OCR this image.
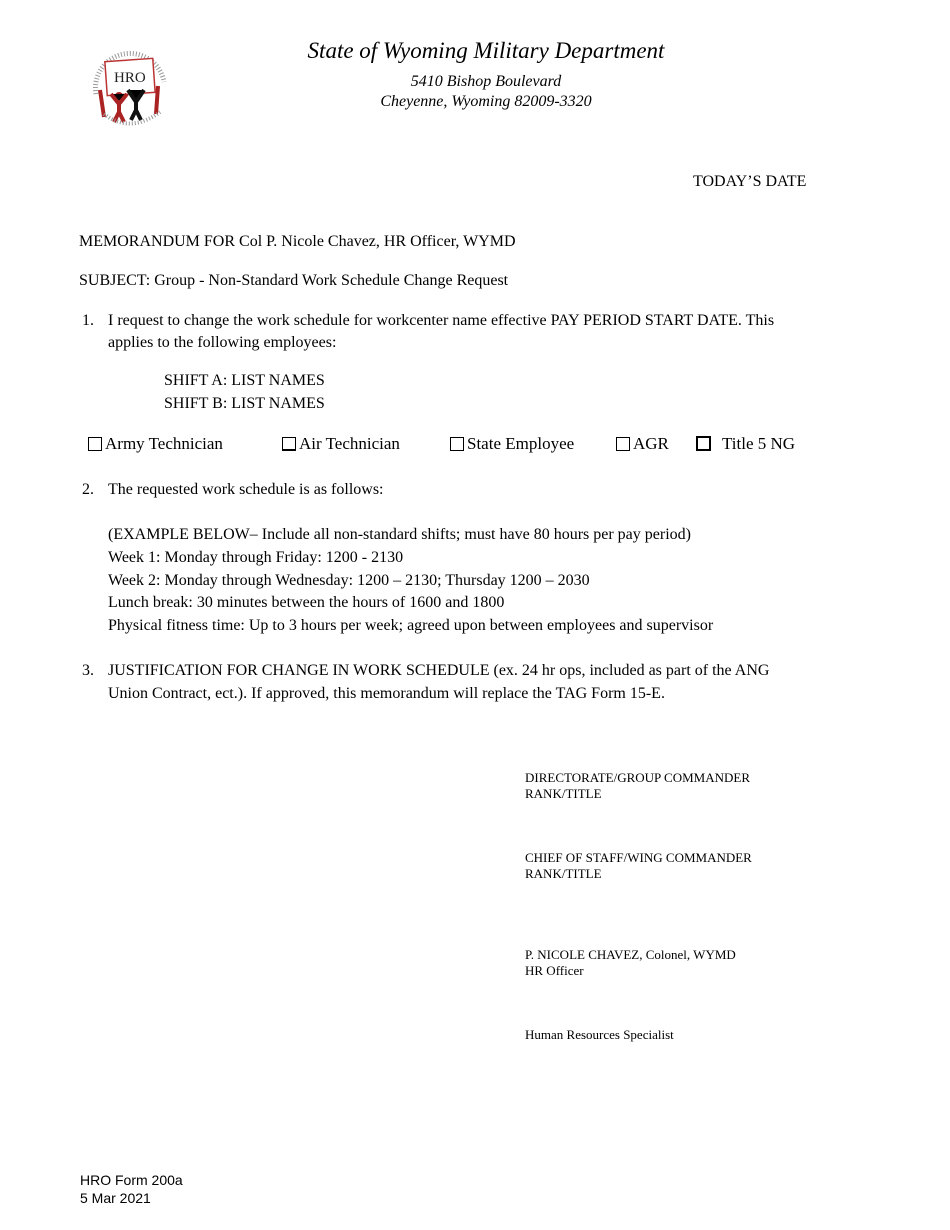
HRO
State of Wyoming Military Department
5410 Bishop Boulevard
Cheyenne, Wyoming 82009-3320
TODAY’S DATE
MEMORANDUM FOR Col P. Nicole Chavez, HR Officer, WYMD
SUBJECT: Group - Non-Standard Work Schedule Change Request
1. I request to change the work schedule for workcenter name effective PAY PERIOD START DATE. This
applies to the following employees:
SHIFT A: LIST NAMES
SHIFT B: LIST NAMES
Army Technician	Air Technician	State Employee	AGR	Title 5 NG
2. The requested work schedule is as follows:
(EXAMPLE BELOW– Include all non-standard shifts; must have 80 hours per pay period)
Week 1: Monday through Friday: 1200 - 2130
Week 2: Monday through Wednesday: 1200 – 2130; Thursday 1200 – 2030
Lunch break: 30 minutes between the hours of 1600 and 1800
Physical fitness time: Up to 3 hours per week; agreed upon between employees and supervisor
3. JUSTIFICATION FOR CHANGE IN WORK SCHEDULE (ex. 24 hr ops, included as part of the ANG
Union Contract, ect.). If approved, this memorandum will replace the TAG Form 15-E.
DIRECTORATE/GROUP COMMANDER
RANK/TITLE
CHIEF OF STAFF/WING COMMANDER
RANK/TITLE
P. NICOLE CHAVEZ, Colonel, WYMD
HR Officer
Human Resources Specialist
HRO Form 200a
5 Mar 2021
